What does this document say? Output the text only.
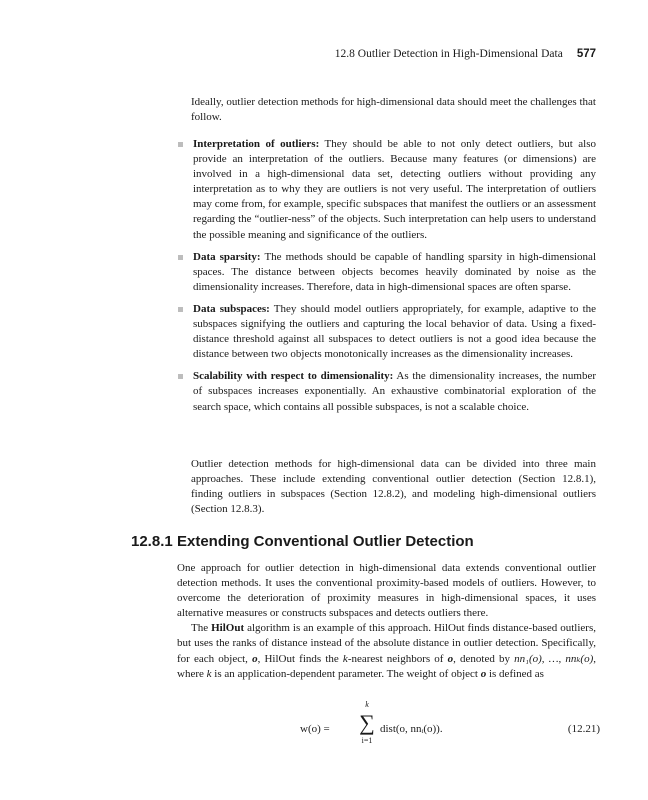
12.8 Outlier Detection in High-Dimensional Data 577

Ideally, outlier detection methods for high-dimensional data should meet the challenges that follow.

Interpretation of outliers: They should be able to not only detect outliers, but also provide an interpretation of the outliers. Because many features (or dimensions) are involved in a high-dimensional data set, detecting outliers without providing any interpretation as to why they are outliers is not very useful. The interpretation of outliers may come from, for example, specific subspaces that manifest the outliers or an assessment regarding the “outlier-ness” of the objects. Such interpretation can help users to understand the possible meaning and significance of the outliers.
Data sparsity: The methods should be capable of handling sparsity in high-dimensional spaces. The distance between objects becomes heavily dominated by noise as the dimensionality increases. Therefore, data in high-dimensional spaces are often sparse.
Data subspaces: They should model outliers appropriately, for example, adaptive to the subspaces signifying the outliers and capturing the local behavior of data. Using a fixed-distance threshold against all subspaces to detect outliers is not a good idea because the distance between two objects monotonically increases as the dimensionality increases.
Scalability with respect to dimensionality: As the dimensionality increases, the number of subspaces increases exponentially. An exhaustive combinatorial exploration of the search space, which contains all possible subspaces, is not a scalable choice.

Outlier detection methods for high-dimensional data can be divided into three main approaches. These include extending conventional outlier detection (Section 12.8.1), finding outliers in subspaces (Section 12.8.2), and modeling high-dimensional outliers (Section 12.8.3).

12.8.1 Extending Conventional Outlier Detection

One approach for outlier detection in high-dimensional data extends conventional outlier detection methods. It uses the conventional proximity-based models of outliers. However, to overcome the deterioration of proximity measures in high-dimensional spaces, it uses alternative measures or constructs subspaces and detects outliers there.

The HilOut algorithm is an example of this approach. HilOut finds distance-based outliers, but uses the ranks of distance instead of the absolute distance in outlier detection. Specifically, for each object, o, HilOut finds the k-nearest neighbors of o, denoted by nn₁(o), …, nnₖ(o), where k is an application-dependent parameter. The weight of object o is defined as

w(o) =
k
∑
i=1
dist(o, nnᵢ(o)).	(12.21)
